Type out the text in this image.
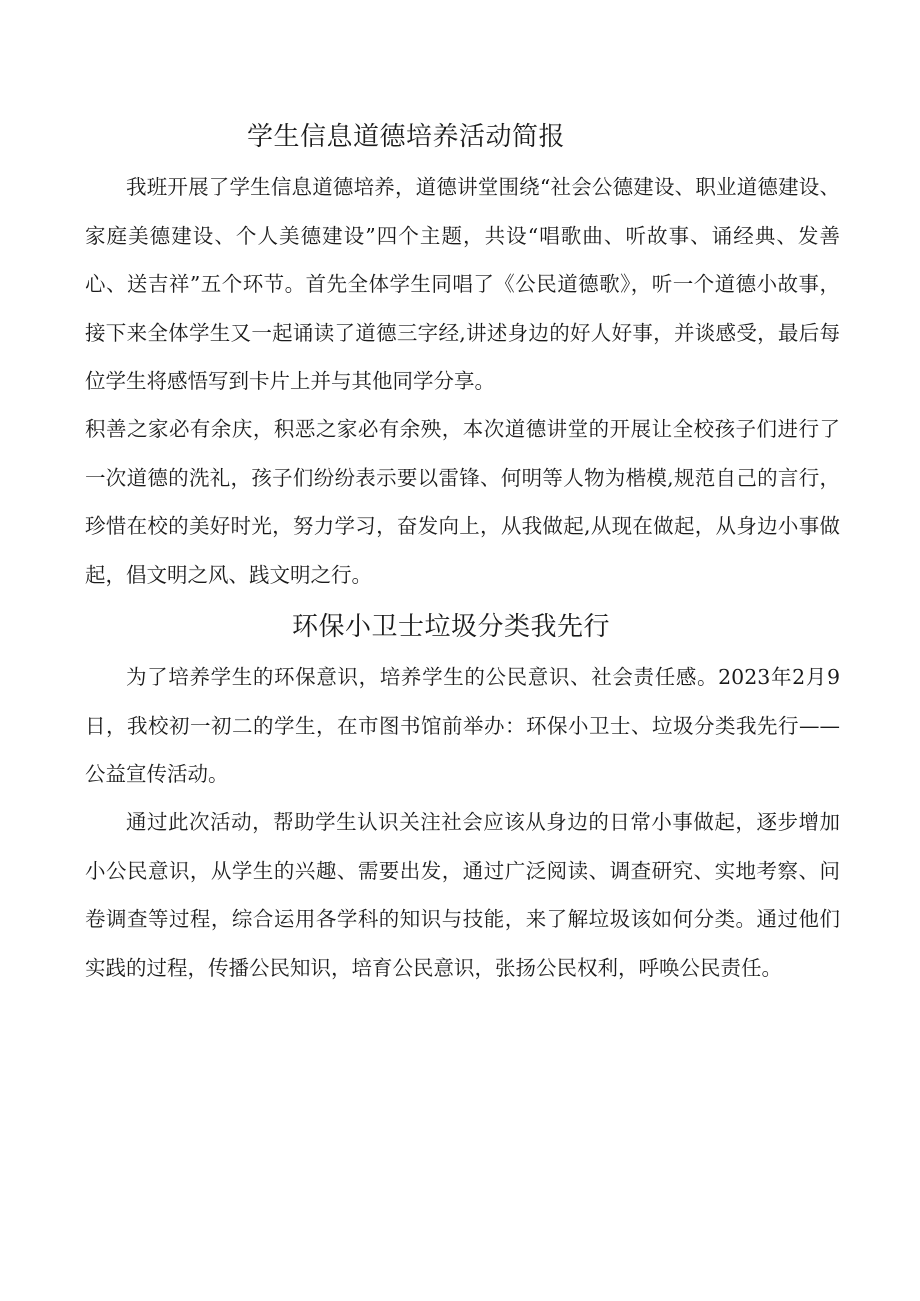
学生信息道德培养活动简报

我班开展了学生信息道德培养，道德讲堂围绕“社会公德建设、职业道德建设、家庭美德建设、个人美德建设”四个主题，共设“唱歌曲、听故事、诵经典、发善心、送吉祥”五个环节。首先全体学生同唱了《公民道德歌》，听一个道德小故事，接下来全体学生又一起诵读了道德三字经,讲述身边的好人好事，并谈感受，最后每位学生将感悟写到卡片上并与其他同学分享。

积善之家必有余庆，积恶之家必有余殃，本次道德讲堂的开展让全校孩子们进行了一次道德的洗礼，孩子们纷纷表示要以雷锋、何明等人物为楷模,规范自己的言行，珍惜在校的美好时光，努力学习，奋发向上，从我做起,从现在做起，从身边小事做起，倡文明之风、践文明之行。

环保小卫士垃圾分类我先行

为了培养学生的环保意识，培养学生的公民意识、社会责任感。2023年2月9日，我校初一初二的学生，在市图书馆前举办：环保小卫士、垃圾分类我先行——公益宣传活动。

通过此次活动，帮助学生认识关注社会应该从身边的日常小事做起，逐步增加小公民意识，从学生的兴趣、需要出发，通过广泛阅读、调查研究、实地考察、问卷调查等过程，综合运用各学科的知识与技能，来了解垃圾该如何分类。通过他们实践的过程，传播公民知识，培育公民意识，张扬公民权利，呼唤公民责任。
